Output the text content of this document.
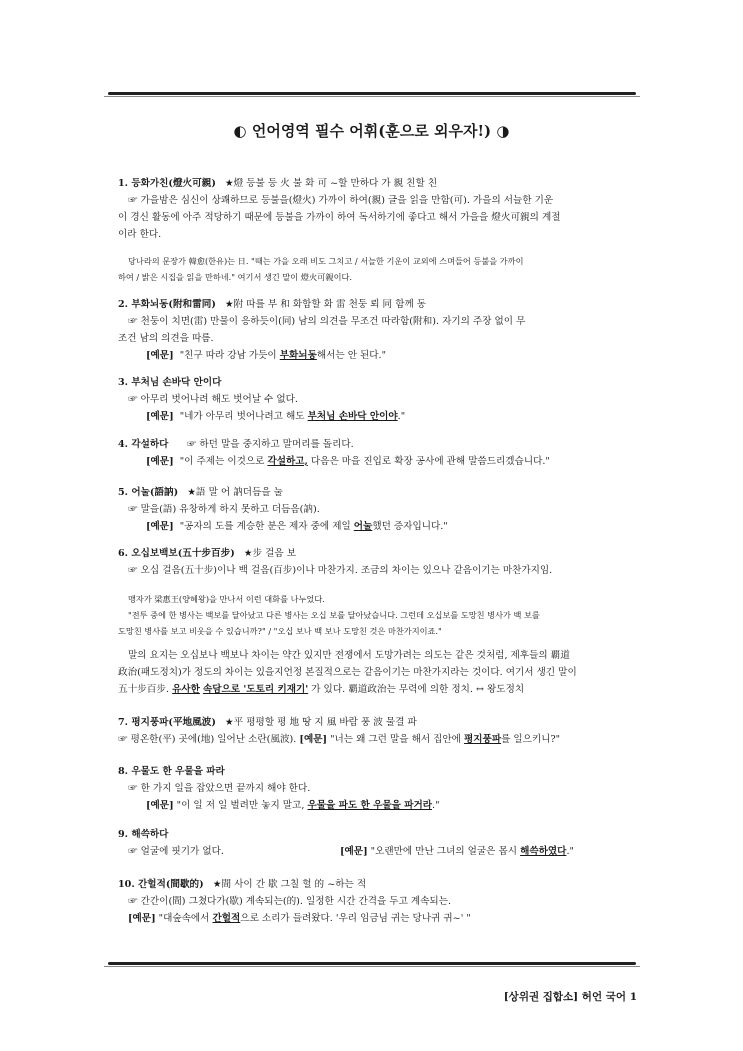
◐ 언어영역 필수 어휘(훈으로 외우자!) ◑
1. 등화가친(燈火可親) ★燈 등불 등 火 불 화 可 ~할 만하다 가 親 친할 친
☞ 가을밤은 심신이 상쾌하므로 등불을(燈火) 가까이 하여(親) 글을 읽을 만함(可). 가을의 서늘한 기운
이 경신 활동에 아주 적당하기 때문에 등불을 가까이 하여 독서하기에 좋다고 해서 가을을 燈火可親의 계절
이라 한다.
당나라의 문장가 韓愈(한유)는 日. "때는 가을 오래 비도 그치고 / 서늘한 기운이 교외에 스며들어 등불을 가까이
하여 / 밝은 시집을 읽을 만하네." 여기서 생긴 말이 燈火可親이다.
2. 부화뇌동(附和雷同) ★附 따를 부 和 화합할 화 雷 천둥 뢰 同 함께 동
☞ 천둥이 치면(雷) 만물이 응하듯이(同) 남의 의견을 무조건 따라함(附和). 자기의 주장 없이 무
조건 남의 의견을 따름.
[예문] "친구 따라 강남 가듯이 부화뇌동해서는 안 된다."
3. 부처님 손바닥 안이다
☞ 아무리 벗어나려 해도 벗어날 수 없다.
[예문] "네가 아무리 벗어나려고 해도 부처님 손바닥 안이야."
4. 각설하다 ☞ 하던 말을 중지하고 말머리를 돌리다.
[예문] "이 주제는 이것으로 각설하고, 다음은 마을 진입로 확장 공사에 관해 말씀드리겠습니다."
5. 어눌(語訥) ★語 말 어 訥더듬을 눌
☞ 말을(語) 유창하게 하지 못하고 더듬음(訥).
[예문] "공자의 도를 계승한 분은 제자 중에 제일 어눌했던 증자입니다."
6. 오십보백보(五十步百步) ★步 걸음 보
☞ 오십 걸음(五十步)이나 백 걸음(百步)이나 마찬가지. 조금의 차이는 있으나 같음이기는 마찬가지임.
맹자가 梁惠王(양혜왕)을 만나서 이런 대화를 나누었다.
"전투 중에 한 병사는 백보를 달아났고 다른 병사는 오십 보를 달아났습니다. 그런데 오십보를 도망친 병사가 백 보를
도망친 병사를 보고 비웃을 수 있습니까?" / "오십 보나 백 보나 도망친 것은 마찬가지이죠."
말의 요지는 오십보나 백보나 차이는 약간 있지만 전쟁에서 도망가려는 의도는 같은 것처럼, 제후들의 覇道
政治(패도정치)가 정도의 차이는 있을지언정 본질적으로는 같음이기는 마찬가지라는 것이다. 여기서 생긴 말이
五十步百步. 유사한 속담으로 '도토리 키재기' 가 있다. 覇道政治는 무력에 의한 정치. ↔ 왕도정치
7. 평지풍파(平地風波) ★平 평평할 평 地 땅 지 風 바람 풍 波 물결 파
☞ 평온한(平) 곳에(地) 일어난 소란(風波). [예문] "너는 왜 그런 말을 해서 집안에 평지풍파를 일으키니?"
8. 우물도 한 우물을 파라
☞ 한 가지 일을 잡았으면 끝까지 해야 한다.
[예문] "이 일 저 일 벌려만 놓지 말고, 우물을 파도 한 우물을 파거라."
9. 해쓱하다
☞ 얼굴에 핏기가 없다.	[예문] "오랜만에 만난 그녀의 얼굴은 몹시 해쓱하였다."
10. 간헐적(間歇的) ★間 사이 간 歇 그칠 헐 的 ~하는 적
☞ 간간이(間) 그쳤다가(歇) 계속되는(的). 일정한 시간 간격을 두고 계속되는.
[예문] "대숲속에서 간헐적으로 소리가 들려왔다. '우리 임금님 귀는 당나귀 귀~' "
[상위권 집합소] 허언 국어 1
